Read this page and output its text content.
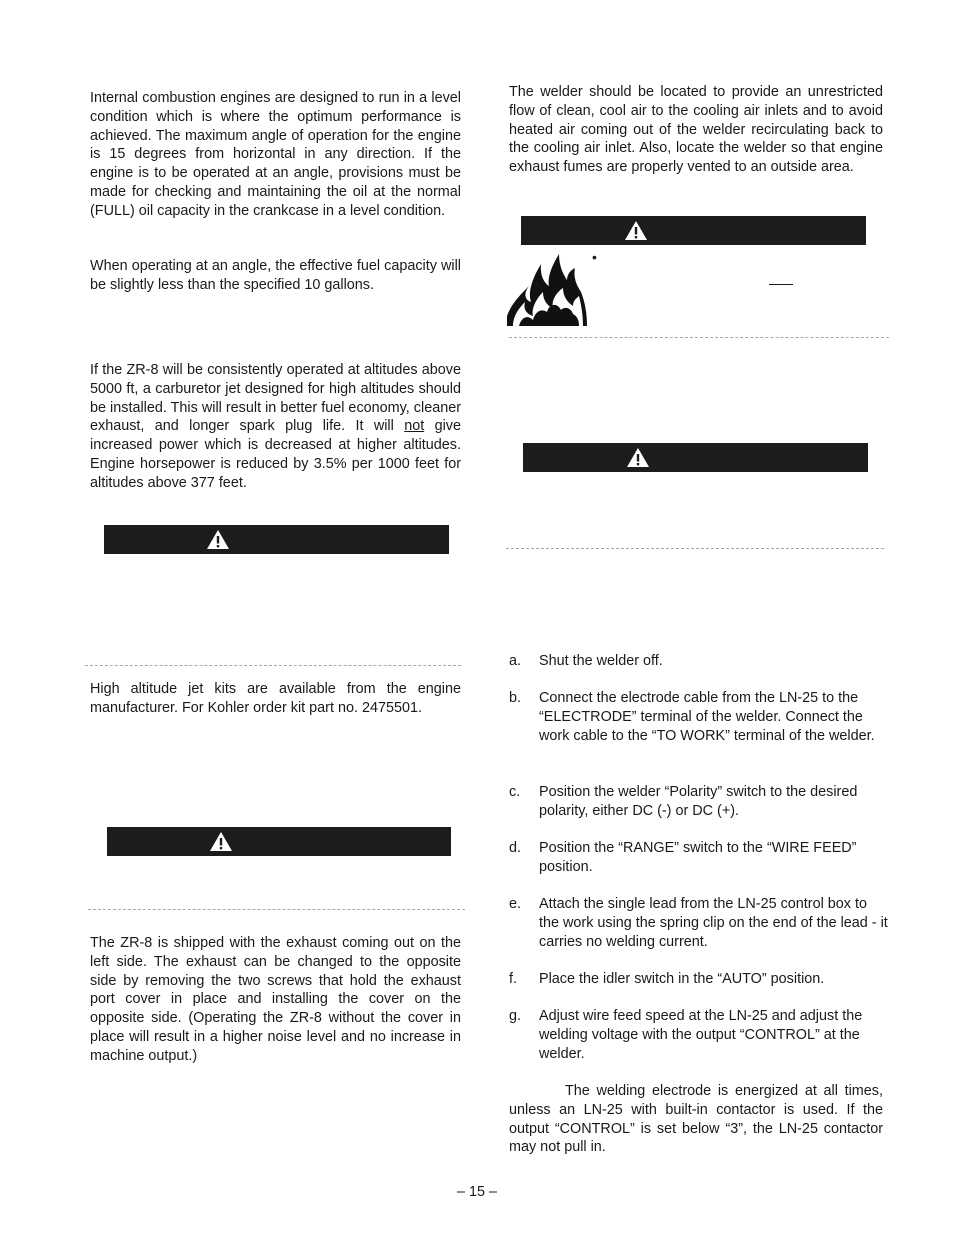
Internal combustion engines are designed to run in a level condition which is where the optimum performance is achieved. The maximum angle of operation for the engine is 15 degrees from horizontal in any direction. If the engine is to be operated at an angle, provisions must be made for checking and maintaining the oil at the normal (FULL) oil capacity in the crankcase in a level condition.

When operating at an angle, the effective fuel capacity will be slightly less than the specified 10 gallons.

If the ZR-8 will be consistently operated at altitudes above 5000 ft, a carburetor jet designed for high altitudes should be installed. This will result in better fuel economy, cleaner exhaust, and longer spark plug life. It will not give increased power which is decreased at higher altitudes. Engine horsepower is reduced by 3.5% per 1000 feet for altitudes above 377 feet.

High altitude jet kits are available from the engine manufacturer. For Kohler order kit part no. 2475501.

The ZR-8 is shipped with the exhaust coming out on the left side. The exhaust can be changed to the opposite side by removing the two screws that hold the exhaust port cover in place and installing the cover on the opposite side. (Operating the ZR-8 without the cover in place will result in a higher noise level and no increase in machine output.)

The welder should be located to provide an unrestricted flow of clean, cool air to the cooling air inlets and to avoid heated air coming out of the welder recirculating back to the cooling air inlet. Also, locate the welder so that engine exhaust fumes are properly vented to an outside area.

•
a. Shut the welder off.
b. Connect the electrode cable from the LN-25 to the “ELECTRODE” terminal of the welder. Connect the work cable to the “TO WORK” terminal of the welder.
c. Position the welder “Polarity” switch to the desired polarity, either DC (-) or DC (+).
d. Position the “RANGE” switch to the “WIRE FEED” position.
e. Attach the single lead from the LN-25 control box to the work using the spring clip on the end of the lead - it carries no welding current.
f. Place the idler switch in the “AUTO” position.
g. Adjust wire feed speed at the LN-25 and adjust the welding voltage with the output “CONTROL” at the welder.

The welding electrode is energized at all times, unless an LN-25 with built-in contactor is used. If the output “CONTROL” is set below “3”, the LN-25 contactor may not pull in.

– 15 –
